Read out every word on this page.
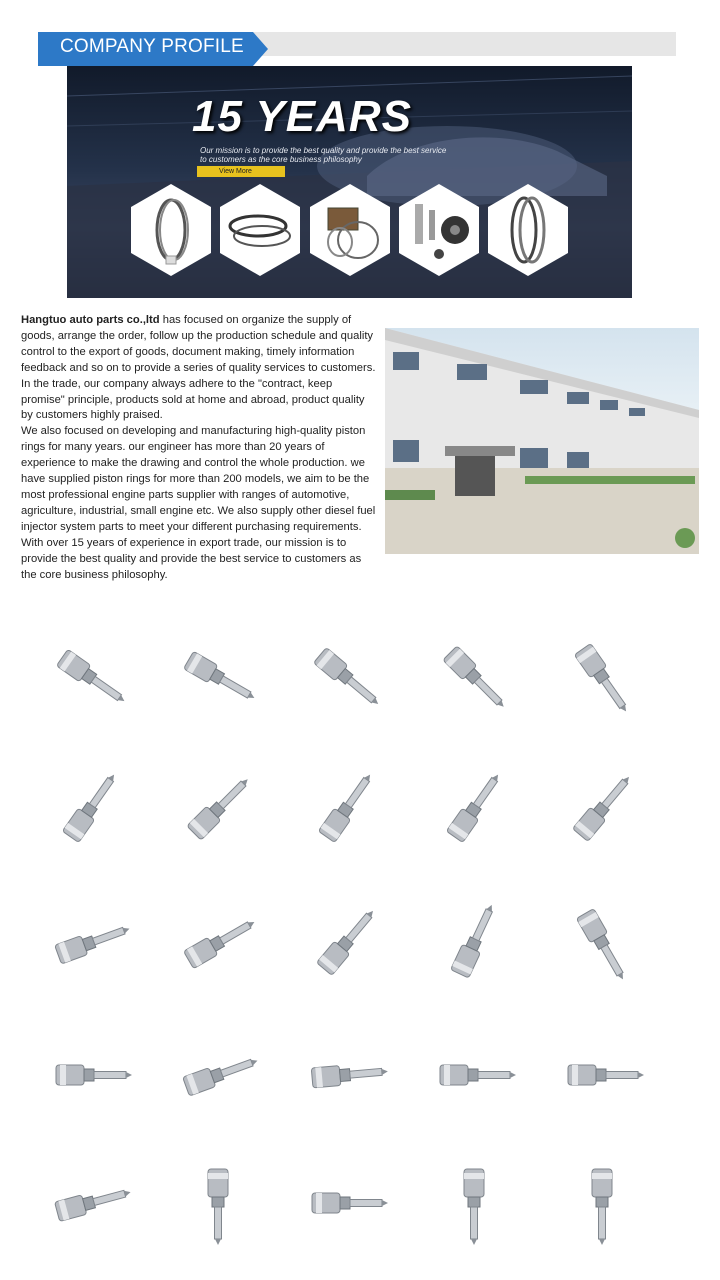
COMPANY PROFILE
15 YEARS
Our mission is to provide the best quality and provide the best service to customers as the core business philosophy
View More

Hangtuo auto parts co.,ltd has focused on organize the supply of goods, arrange the order, follow up the production schedule and quality control to the export of goods, document making, timely information feedback and so on to provide a series of quality services to customers. In the trade, our company always adhere to the "contract, keep promise" principle, products sold at home and abroad, product quality by customers highly praised.

We also focused on developing and manufacturing high-quality piston rings for many years. our engineer has more than 20 years of experience to make the drawing and control the whole production. we have supplied piston rings for more than 200 models, we aim to be the most professional engine parts supplier with ranges of automotive, agriculture, industrial, small engine etc. We also supply other diesel fuel injector system parts to meet your different purchasing requirements.

With over 15 years of experience in export trade, our mission is to provide the best quality and provide the best service to customers as the core business philosophy.
